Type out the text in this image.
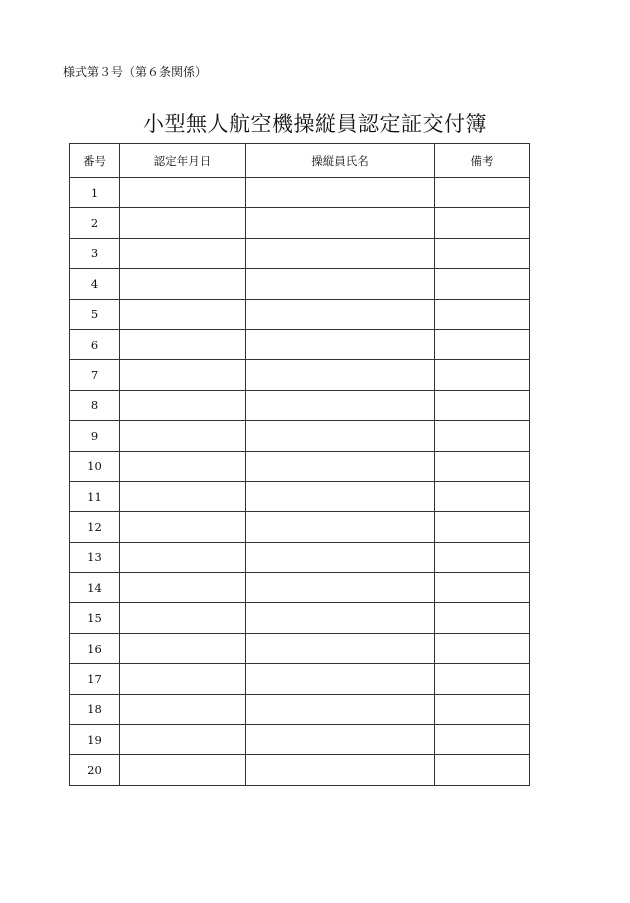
様式第３号（第６条関係）
小型無人航空機操縦員認定証交付簿
番号	認定年月日	操縦員氏名	備考
1			
2			
3			
4			
5			
6			
7			
8			
9			
10			
11			
12			
13			
14			
15			
16			
17			
18			
19			
20			
